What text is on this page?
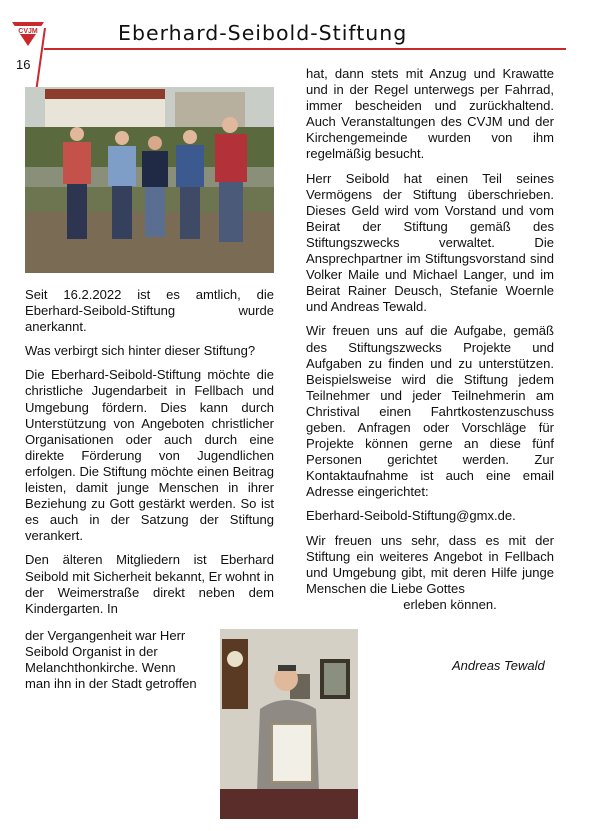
CVJM	Eberhard-Seibold-Stiftung
16

Seit 16.2.2022 ist es amtlich, die Eberhard-Seibold-Stiftung wurde anerkannt.

Was verbirgt sich hinter dieser Stiftung?

Die Eberhard-Seibold-Stiftung möchte die christliche Jugendarbeit in Fellbach und Umgebung fördern. Dies kann durch Unterstützung von Angeboten christlicher Organisationen oder auch durch eine direkte Förderung von Jugendlichen erfolgen. Die Stiftung möchte einen Beitrag leisten, damit junge Menschen in ihrer Beziehung zu Gott gestärkt werden. So ist es auch in der Satzung der Stiftung verankert.

Den älteren Mitgliedern ist Eberhard Seibold mit Sicherheit bekannt, Er wohnt in der Weimerstraße direkt neben dem Kindergarten. In

der Vergangenheit war Herr
Seibold Organist in der
Melanchthonkirche. Wenn
man ihn in der Stadt getroffen

hat, dann stets mit Anzug und Krawatte und in der Regel unterwegs per Fahrrad, immer bescheiden und zurückhaltend. Auch Veranstaltungen des CVJM und der Kirchengemeinde wurden von ihm regelmäßig besucht.

Herr Seibold hat einen Teil seines Vermögens der Stiftung überschrieben. Dieses Geld wird vom Vorstand und vom Beirat der Stiftung gemäß des Stiftungszwecks verwaltet. Die Ansprechpartner im Stiftungsvorstand sind Volker Maile und Michael Langer, und im Beirat Rainer Deusch, Stefanie Woernle und Andreas Tewald.

Wir freuen uns auf die Aufgabe, gemäß des Stiftungszwecks Projekte und Aufgaben zu finden und zu unterstützen. Beispielsweise wird die Stiftung jedem Teilnehmer und jeder Teilnehmerin am Christival einen Fahrtkostenzuschuss geben. Anfragen oder Vorschläge für Projekte können gerne an diese fünf Personen gerichtet werden. Zur Kontaktaufnahme ist auch eine email Adresse eingerichtet:

Eberhard-Seibold-Stiftung@gmx.de.

Wir freuen uns sehr, dass es mit der Stiftung ein weiteres Angebot in Fellbach und Umgebung gibt, mit deren Hilfe junge Menschen die Liebe Gottes

erleben können.
Andreas Tewald
